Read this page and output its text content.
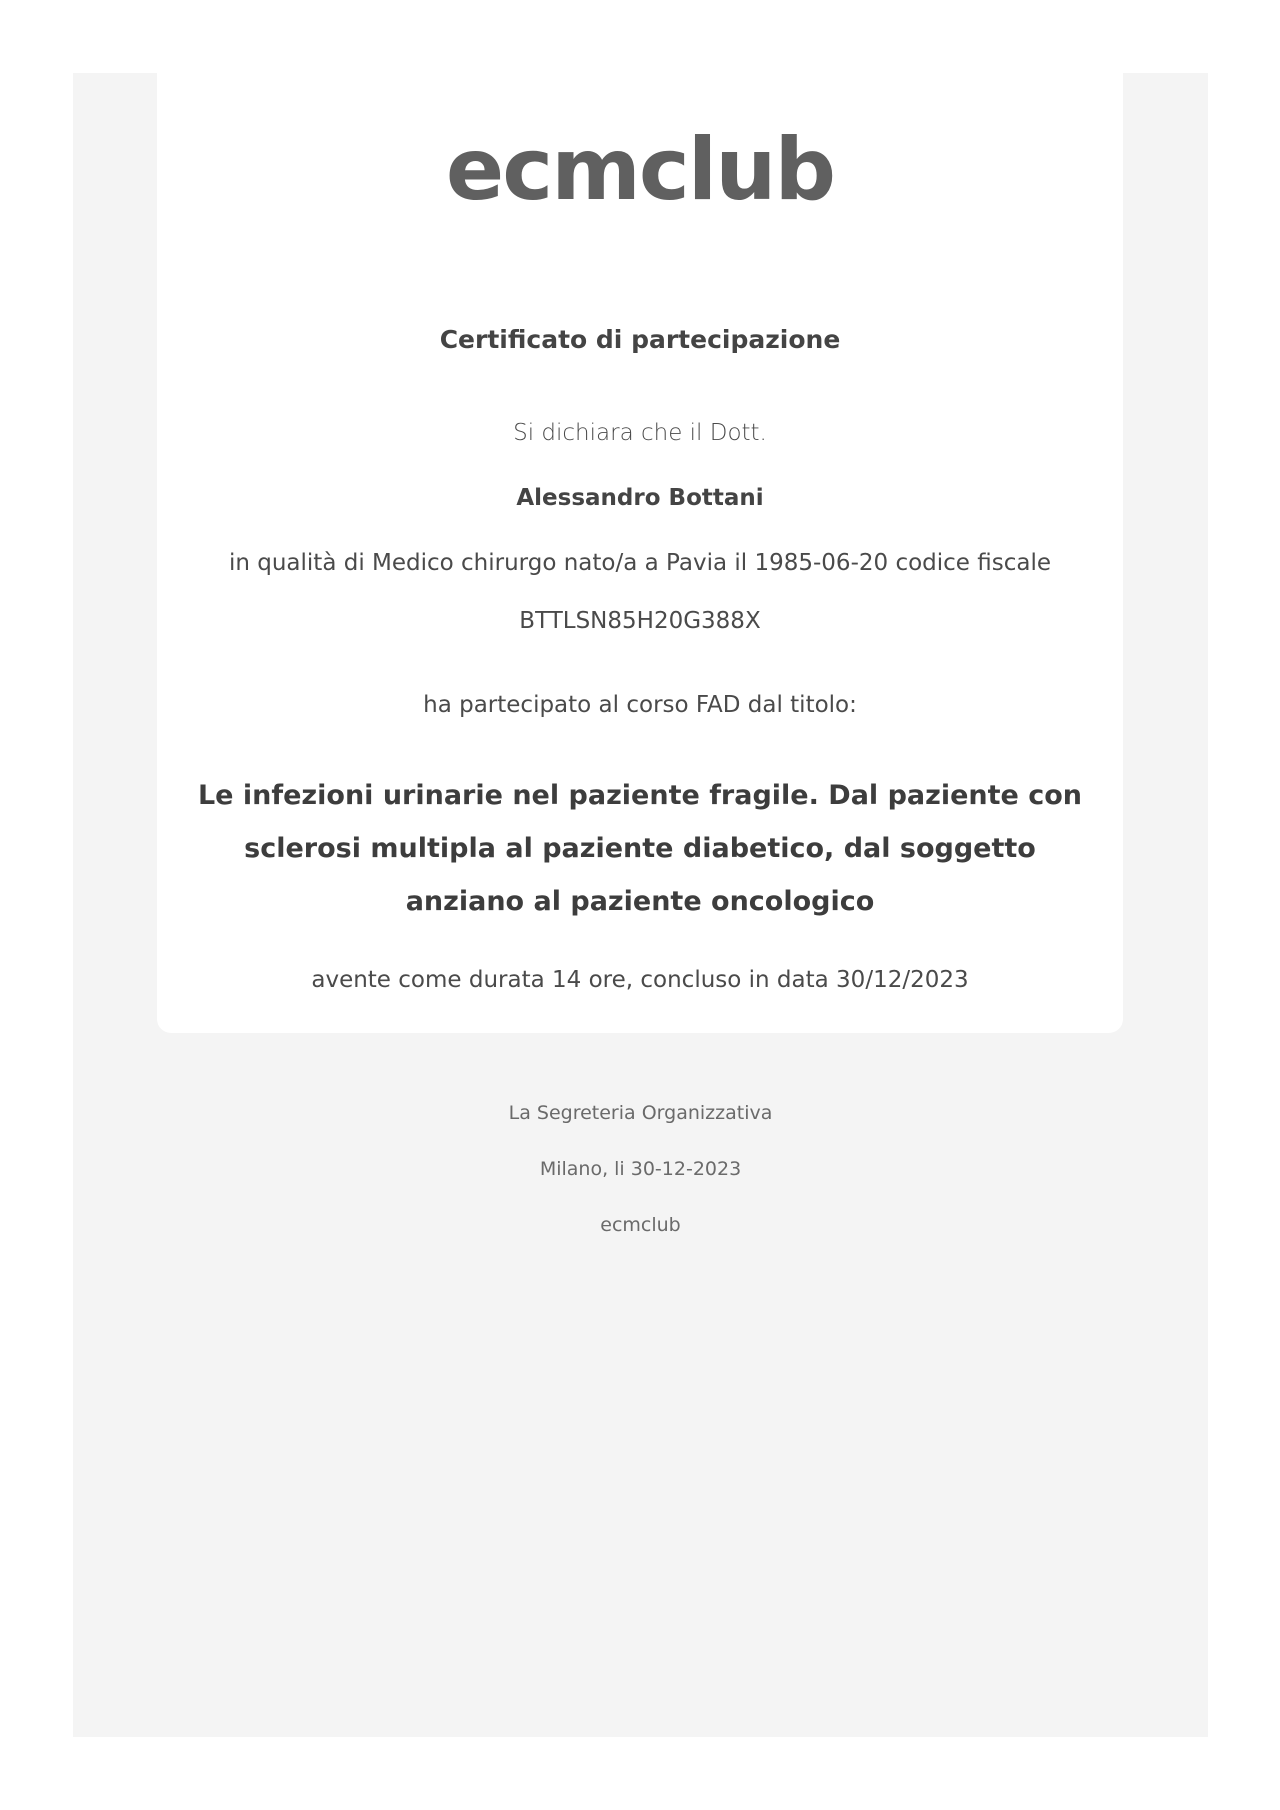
ecmclub
Certificato di partecipazione
Si dichiara che il Dott.
Alessandro Bottani
in qualità di Medico chirurgo nato/a a Pavia il 1985-06-20 codice fiscale
BTTLSN85H20G388X
ha partecipato al corso FAD dal titolo:
Le infezioni urinarie nel paziente fragile. Dal paziente con sclerosi multipla al paziente diabetico, dal soggetto anziano al paziente oncologico
avente come durata 14 ore, concluso in data 30/12/2023
La Segreteria Organizzativa
Milano, li 30-12-2023
ecmclub
